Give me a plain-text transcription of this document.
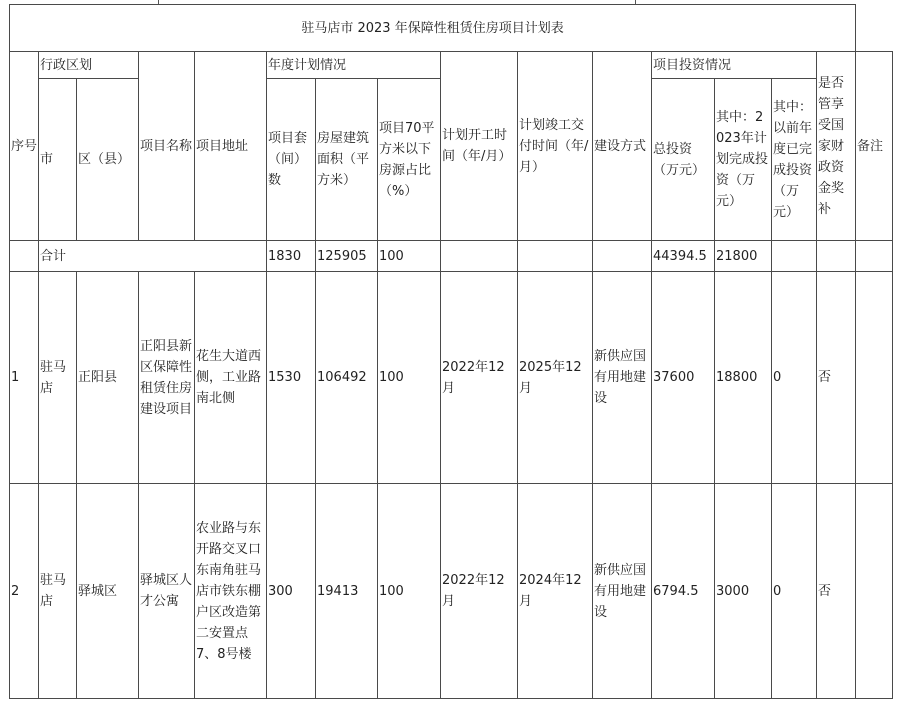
驻马店市 2023 年保障性租赁住房项目计划表															
序号	行政区划		项目名称	项目地址	年度计划情况			计划开工时间（年/月）	计划竣工交付时间（年/月）	建设方式	项目投资情况			是否管享受国家财政资金奖补	备注
	市	区（县）			项目套（间）数	房屋建筑面积（平方米）	项目70平方米以下房源占比（%）				总投资（万元）	其中：2023年计划完成投资（万元）	其中：以前年度已完成投资（万元）		
	合计				1830	125905	100				44394.5	21800			
1	驻马店	正阳县	正阳县新区保障性租赁住房建设项目	花生大道西侧，工业路南北侧	1530	106492	100	2022年12月	2025年12月	新供应国有用地建设	37600	18800	0	否	
2	驻马店	驿城区	驿城区人才公寓	农业路与东开路交叉口东南角驻马店市铁东棚户区改造第二安置点7、8号楼	300	19413	100	2022年12月	2024年12月	新供应国有用地建设	6794.5	3000	0	否	
